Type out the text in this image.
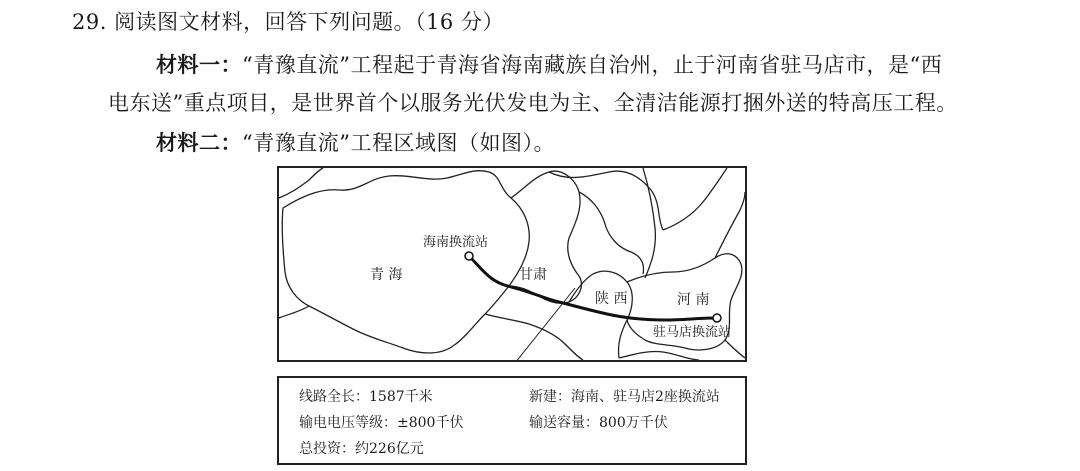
29. 阅读图文材料，回答下列问题。（16 分）
材料一：“青豫直流”工程起于青海省海南藏族自治州，止于河南省驻马店市，是“西
电东送”重点项目，是世界首个以服务光伏发电为主、全清洁能源打捆外送的特高压工程。
材料二：“青豫直流”工程区域图（如图）。
海南换流站
青 海	甘肃
陕 西	河 南
驻马店换流站
线路全长：1587千米	新建：海南、驻马店2座换流站
输电电压等级：±800千伏	输送容量：800万千伏
总投资：约226亿元
